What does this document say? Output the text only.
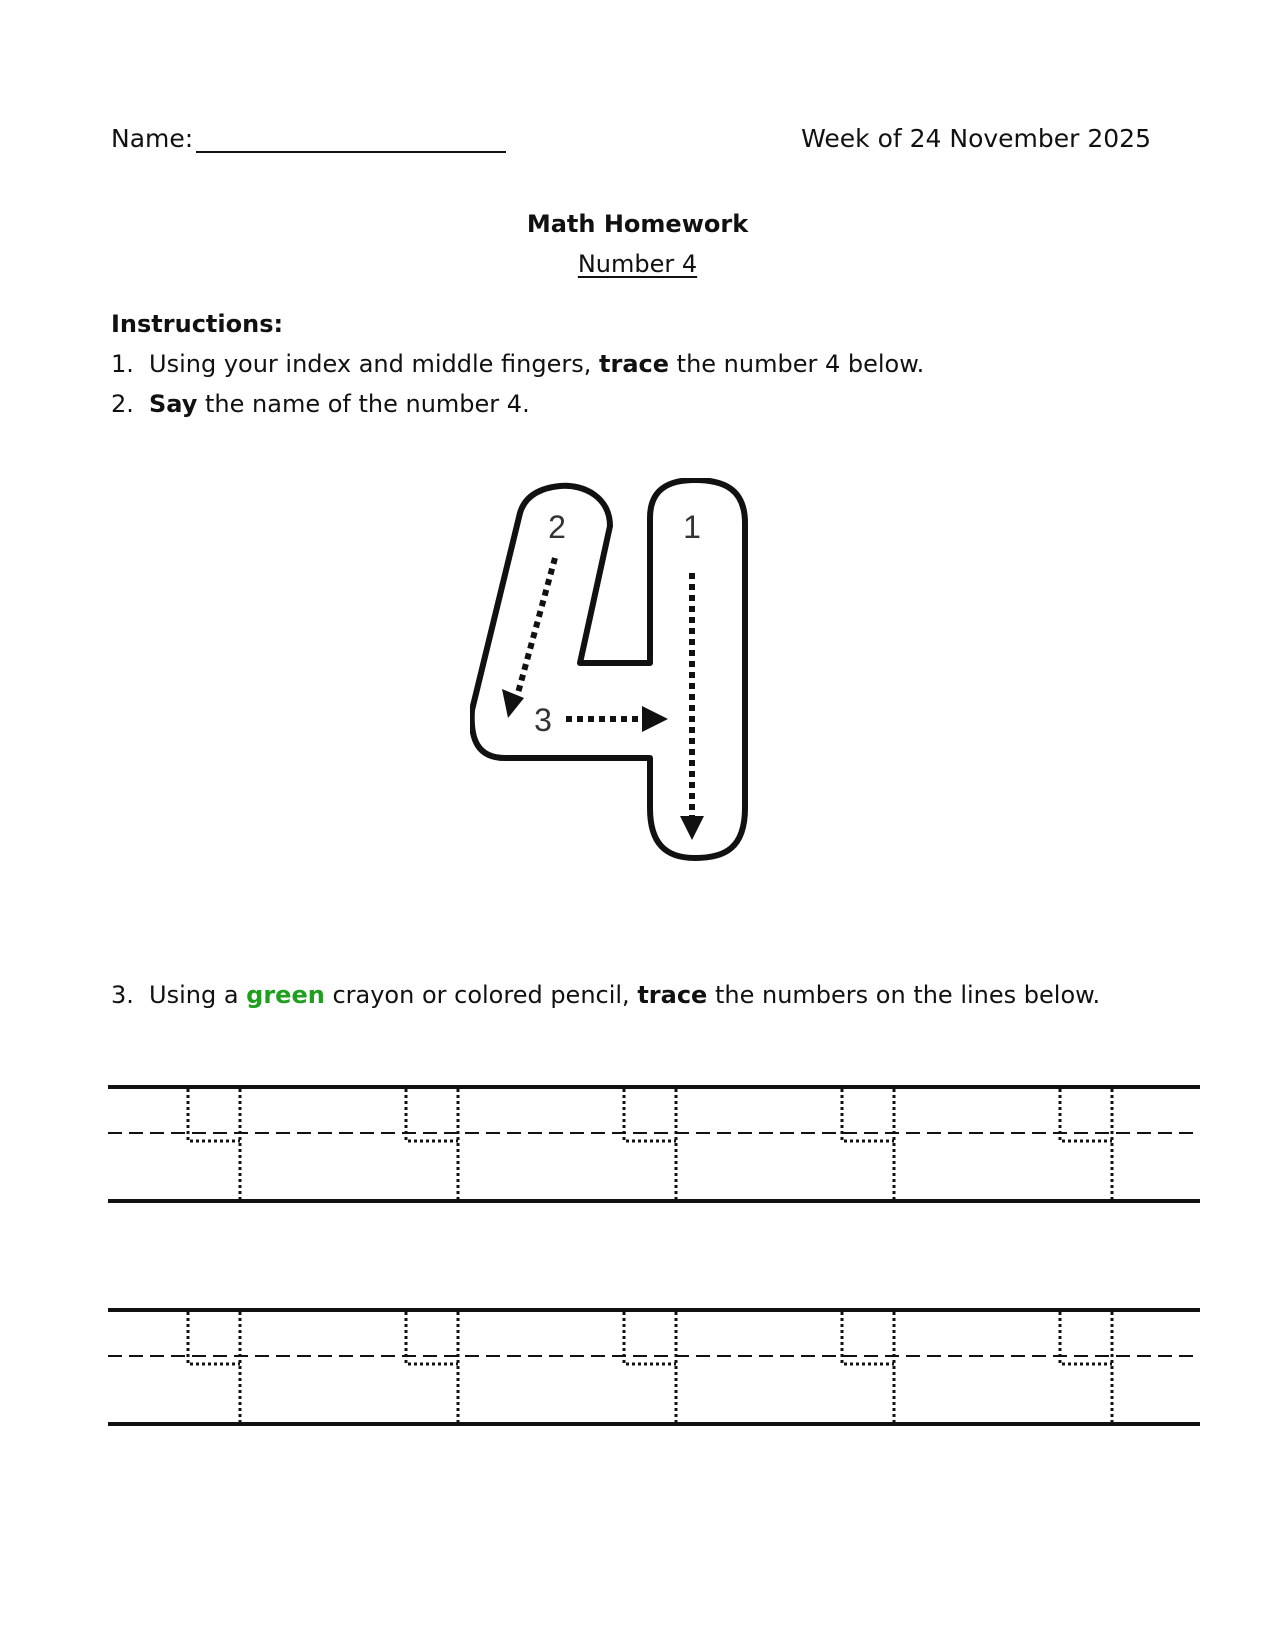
Name:	Week of 24 November 2025
Math Homework
Number 4
Instructions:
1. Using your index and middle fingers, trace the number 4 below.
2. Say the name of the number 4.
1
2
3
3. Using a green crayon or colored pencil, trace the numbers on the lines below.
